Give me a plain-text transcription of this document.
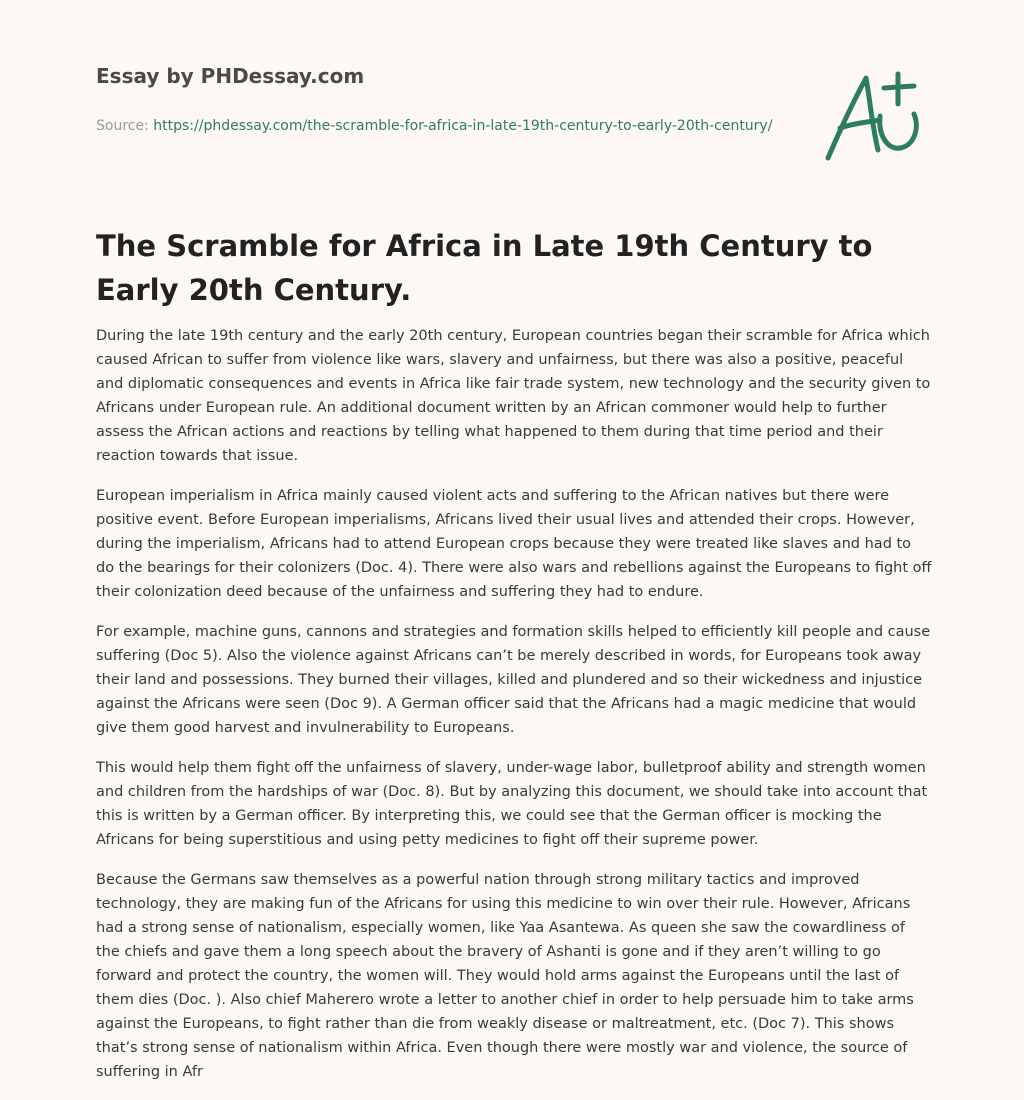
Essay by PHDessay.com
Source: https://phdessay.com/the-scramble-for-africa-in-late-19th-century-to-early-20th-century/
The Scramble for Africa in Late 19th Century to Early 20th Century.

During the late 19th century and the early 20th century, European countries began their scramble for Africa which caused African to suffer from violence like wars, slavery and unfairness, but there was also a positive, peaceful and diplomatic consequences and events in Africa like fair trade system, new technology and the security given to Africans under European rule. An additional document written by an African commoner would help to further assess the African actions and reactions by telling what happened to them during that time period and their reaction towards that issue.

European imperialism in Africa mainly caused violent acts and suffering to the African natives but there were positive event. Before European imperialisms, Africans lived their usual lives and attended their crops. However, during the imperialism, Africans had to attend European crops because they were treated like slaves and had to do the bearings for their colonizers (Doc. 4). There were also wars and rebellions against the Europeans to fight off their colonization deed because of the unfairness and suffering they had to endure.

For example, machine guns, cannons and strategies and formation skills helped to efficiently kill people and cause suffering (Doc 5). Also the violence against Africans can’t be merely described in words, for Europeans took away their land and possessions. They burned their villages, killed and plundered and so their wickedness and injustice against the Africans were seen (Doc 9). A German officer said that the Africans had a magic medicine that would give them good harvest and invulnerability to Europeans.

This would help them fight off the unfairness of slavery, under-wage labor, bulletproof ability and strength women and children from the hardships of war (Doc. 8). But by analyzing this document, we should take into account that this is written by a German officer. By interpreting this, we could see that the German officer is mocking the Africans for being superstitious and using petty medicines to fight off their supreme power.

Because the Germans saw themselves as a powerful nation through strong military tactics and improved technology, they are making fun of the Africans for using this medicine to win over their rule. However, Africans had a strong sense of nationalism, especially women, like Yaa Asantewa. As queen she saw the cowardliness of the chiefs and gave them a long speech about the bravery of Ashanti is gone and if they aren’t willing to go forward and protect the country, the women will. They would hold arms against the Europeans until the last of them dies (Doc. ). Also chief Maherero wrote a letter to another chief in order to help persuade him to take arms against the Europeans, to fight rather than die from weakly disease or maltreatment, etc. (Doc 7). This shows that’s strong sense of nationalism within Africa. Even though there were mostly war and violence, the source of suffering in Afr
